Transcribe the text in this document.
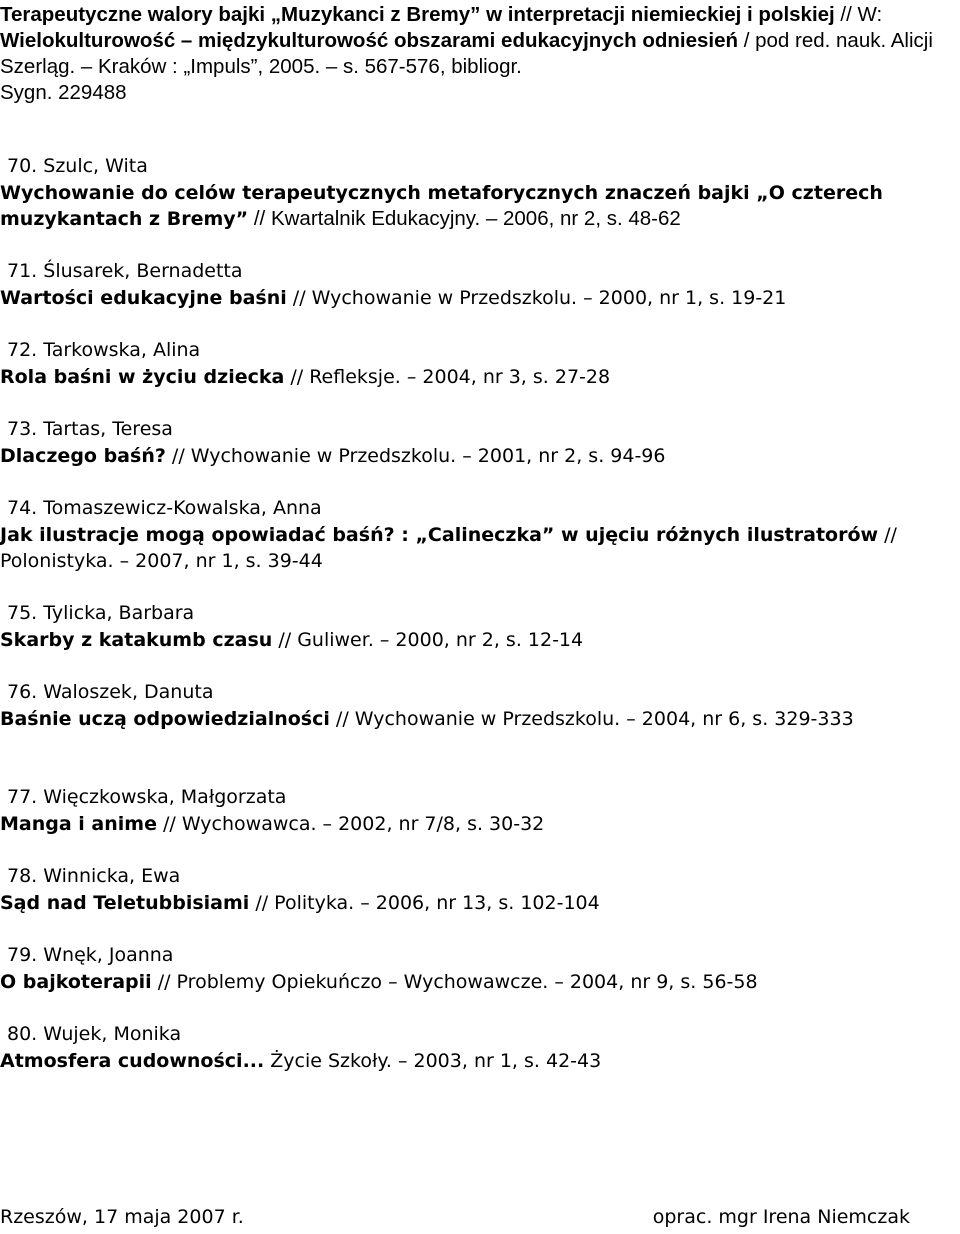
Terapeutyczne walory bajki „Muzykanci z Bremy” w interpretacji niemieckiej i polskiej // W: Wielokulturowość – międzykulturowość obszarami edukacyjnych odniesień / pod red. nauk. Alicji Szerląg. – Kraków : „Impuls”, 2005. – s. 567-576, bibliogr.
Sygn. 229488
70. Szulc, Wita
Wychowanie do celów terapeutycznych metaforycznych znaczeń bajki „O czterech muzykantach z Bremy” // Kwartalnik Edukacyjny. – 2006, nr 2, s. 48-62
71. Ślusarek, Bernadetta
Wartości edukacyjne baśni // Wychowanie w Przedszkolu. – 2000, nr 1, s. 19-21
72. Tarkowska, Alina
Rola baśni w życiu dziecka // Refleksje. – 2004, nr 3, s. 27-28
73. Tartas, Teresa
Dlaczego baśń? // Wychowanie w Przedszkolu. – 2001, nr 2, s. 94-96
74. Tomaszewicz-Kowalska, Anna
Jak ilustracje mogą opowiadać baśń? : „Calineczka” w ujęciu różnych ilustratorów // Polonistyka. – 2007, nr 1, s. 39-44
75. Tylicka, Barbara
Skarby z katakumb czasu // Guliwer. – 2000, nr 2, s. 12-14
76. Waloszek, Danuta
Baśnie uczą odpowiedzialności // Wychowanie w Przedszkolu. – 2004, nr 6, s. 329-333
77. Więczkowska, Małgorzata
Manga i anime // Wychowawca. – 2002, nr 7/8, s. 30-32
78. Winnicka, Ewa
Sąd nad Teletubbisiami // Polityka. – 2006, nr 13, s. 102-104
79. Wnęk, Joanna
O bajkoterapii // Problemy Opiekuńczo – Wychowawcze. – 2004, nr 9, s. 56-58
80. Wujek, Monika
Atmosfera cudowności... Życie Szkoły. – 2003, nr 1, s. 42-43
Rzeszów, 17 maja 2007 r.	oprac. mgr Irena Niemczak
